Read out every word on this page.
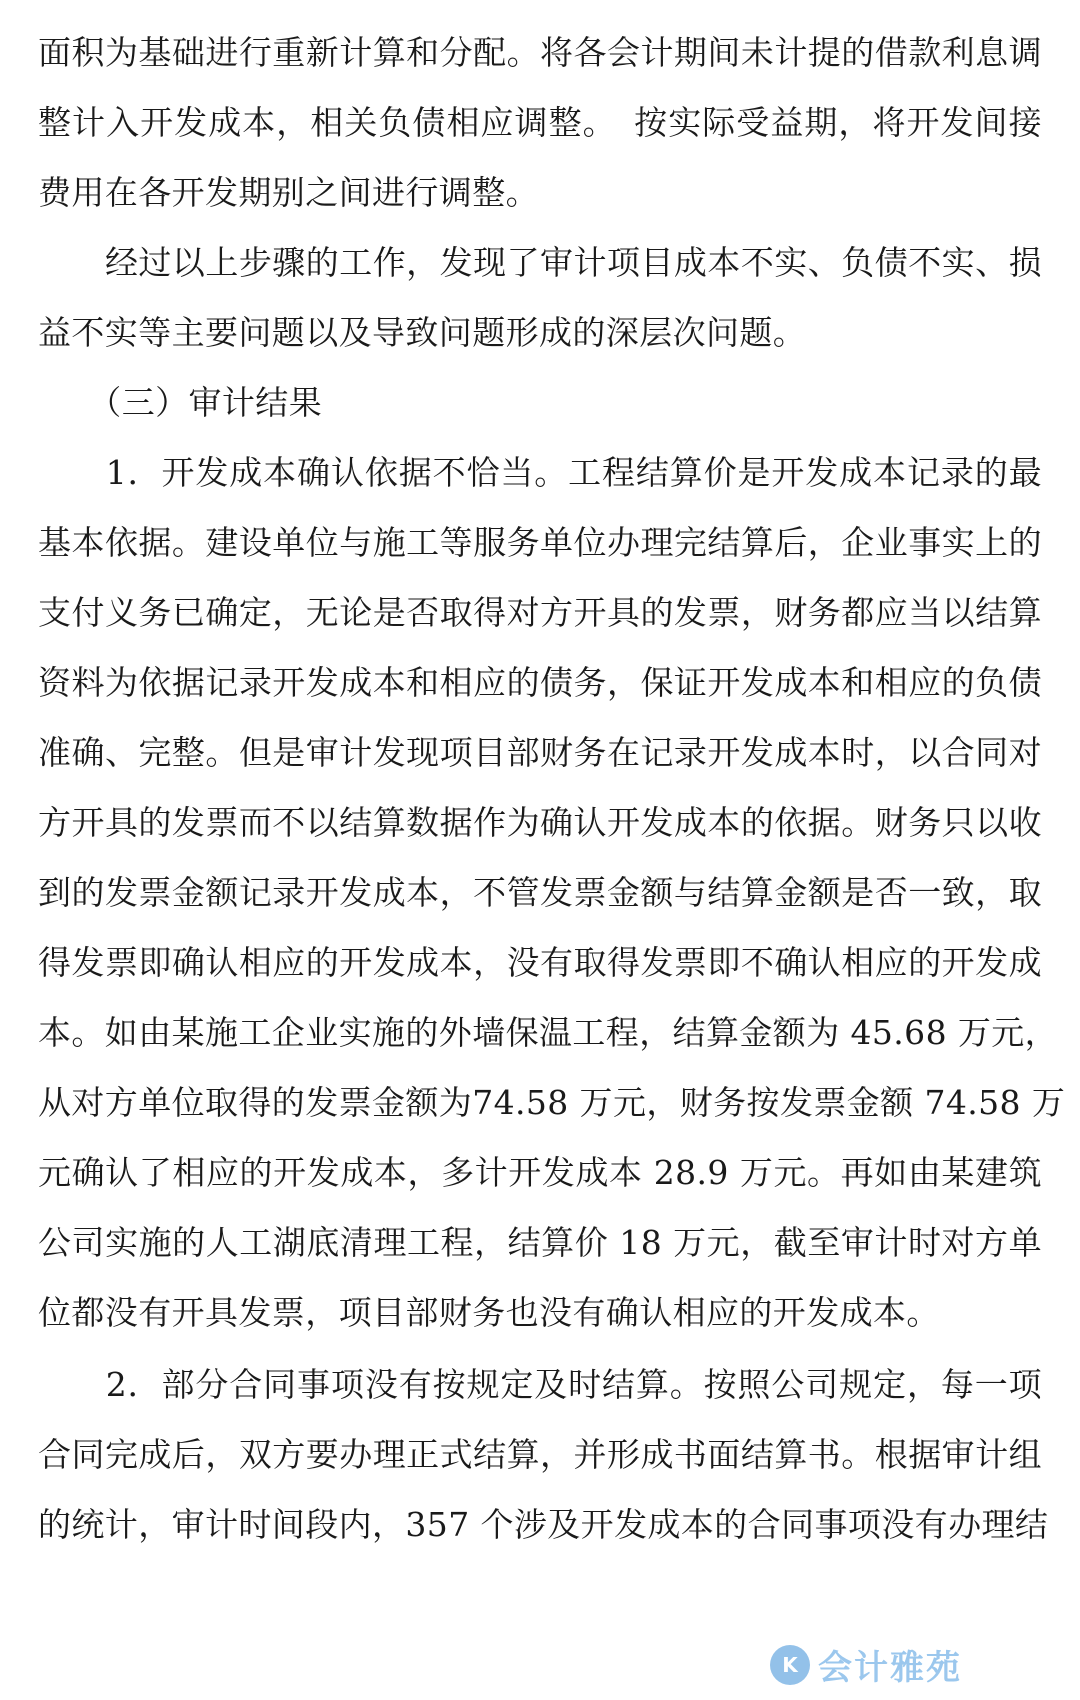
面积为基础进行重新计算和分配。将各会计期间未计提的借款利息调
整计入开发成本，相关负债相应调整。　按实际受益期，将开发间接
费用在各开发期别之间进行调整。
　　经过以上步骤的工作，发现了审计项目成本不实、负债不实、损
益不实等主要问题以及导致问题形成的深层次问题。
　　（三）审计结果
　　1．开发成本确认依据不恰当。工程结算价是开发成本记录的最
基本依据。建设单位与施工等服务单位办理完结算后，企业事实上的
支付义务已确定，无论是否取得对方开具的发票，财务都应当以结算
资料为依据记录开发成本和相应的债务，保证开发成本和相应的负债
准确、完整。但是审计发现项目部财务在记录开发成本时，以合同对
方开具的发票而不以结算数据作为确认开发成本的依据。财务只以收
到的发票金额记录开发成本，不管发票金额与结算金额是否一致，取
得发票即确认相应的开发成本，没有取得发票即不确认相应的开发成
本。如由某施工企业实施的外墙保温工程，结算金额为 45.68 万元，
从对方单位取得的发票金额为74.58 万元，财务按发票金额 74.58 万
元确认了相应的开发成本，多计开发成本 28.9 万元。再如由某建筑
公司实施的人工湖底清理工程，结算价 18 万元，截至审计时对方单
位都没有开具发票，项目部财务也没有确认相应的开发成本。
　　2．部分合同事项没有按规定及时结算。按照公司规定，每一项
合同完成后，双方要办理正式结算，并形成书面结算书。根据审计组
的统计，审计时间段内，357 个涉及开发成本的合同事项没有办理结
K 会计雅苑
